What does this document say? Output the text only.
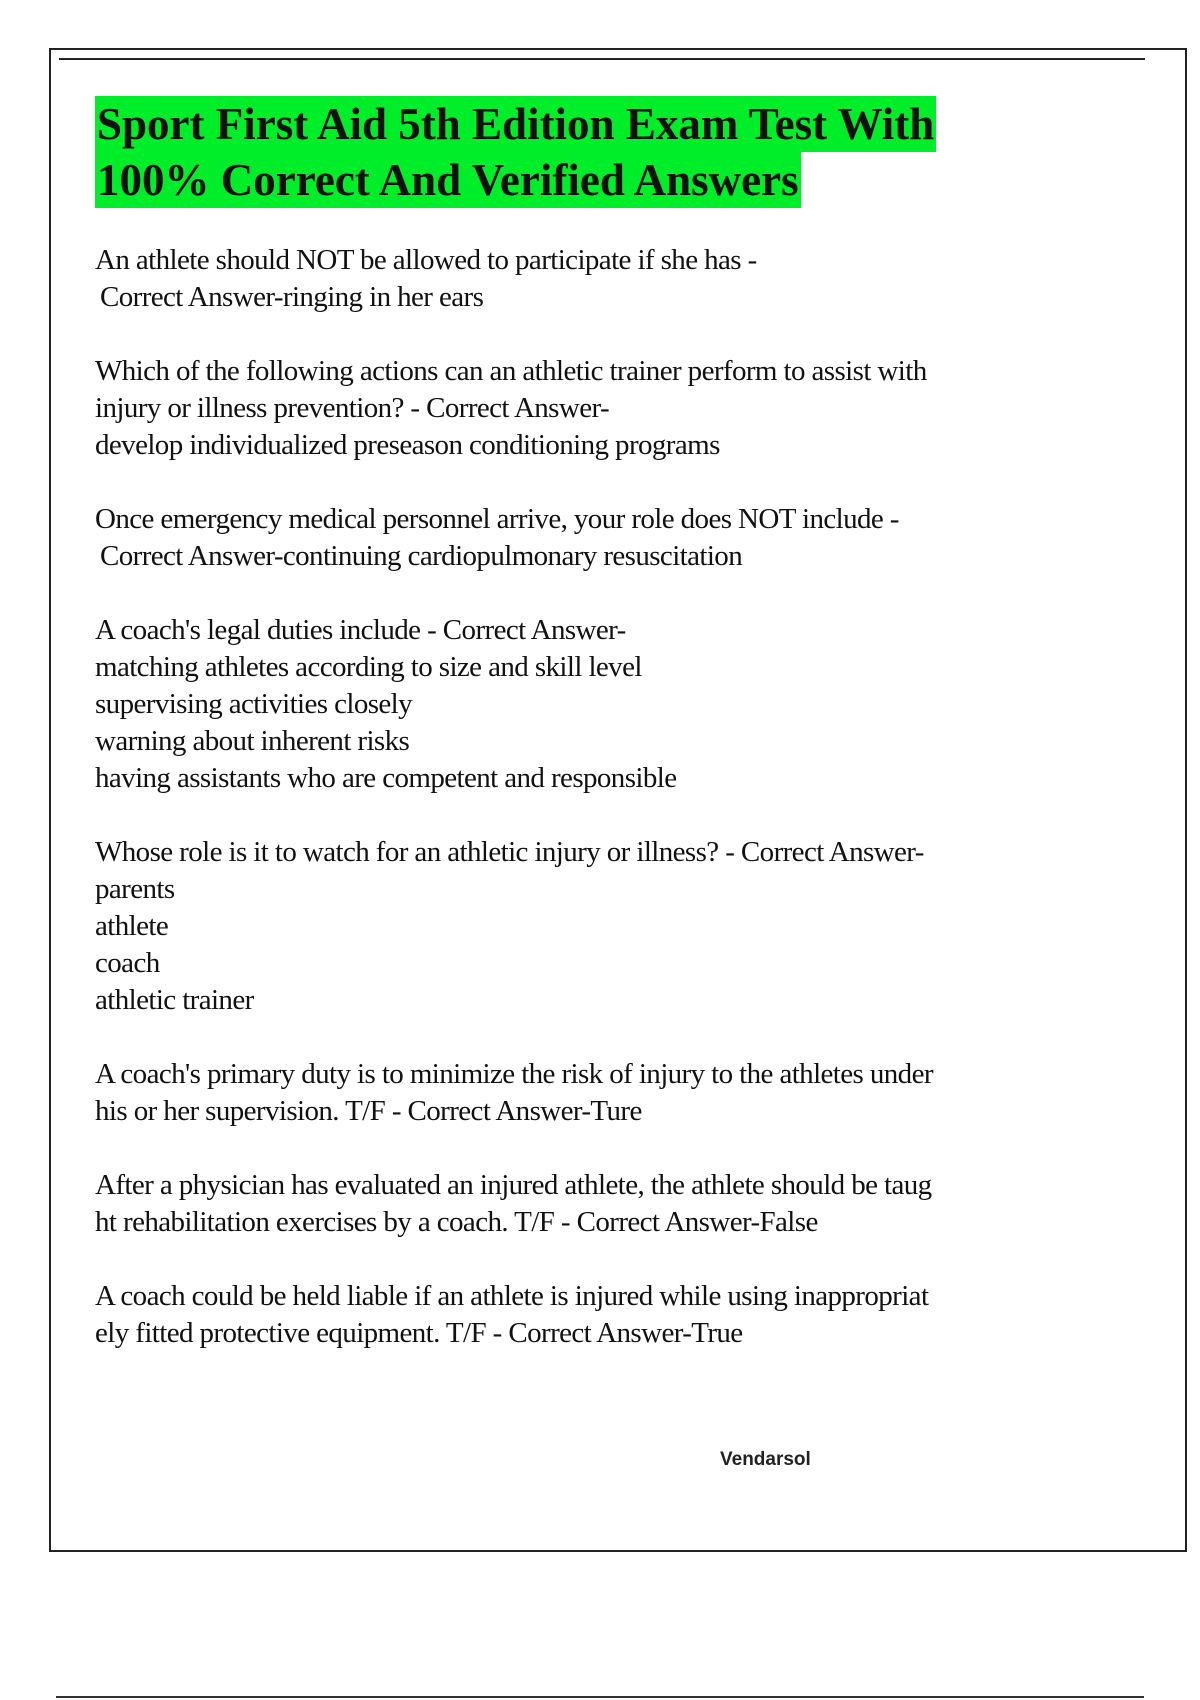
Sport First Aid 5th Edition Exam Test With
100% Correct And Verified Answers
An athlete should NOT be allowed to participate if she has -
Correct Answer-ringing in her ears
Which of the following actions can an athletic trainer perform to assist with
injury or illness prevention? - Correct Answer-
develop individualized preseason conditioning programs
Once emergency medical personnel arrive, your role does NOT include -
Correct Answer-continuing cardiopulmonary resuscitation
A coach's legal duties include - Correct Answer-
matching athletes according to size and skill level
supervising activities closely
warning about inherent risks
having assistants who are competent and responsible
Whose role is it to watch for an athletic injury or illness? - Correct Answer-
parents
athlete
coach
athletic trainer
A coach's primary duty is to minimize the risk of injury to the athletes under
his or her supervision. T/F - Correct Answer-Ture
After a physician has evaluated an injured athlete, the athlete should be taug
ht rehabilitation exercises by a coach. T/F - Correct Answer-False
A coach could be held liable if an athlete is injured while using inappropriat
ely fitted protective equipment. T/F - Correct Answer-True
Vendarsol
